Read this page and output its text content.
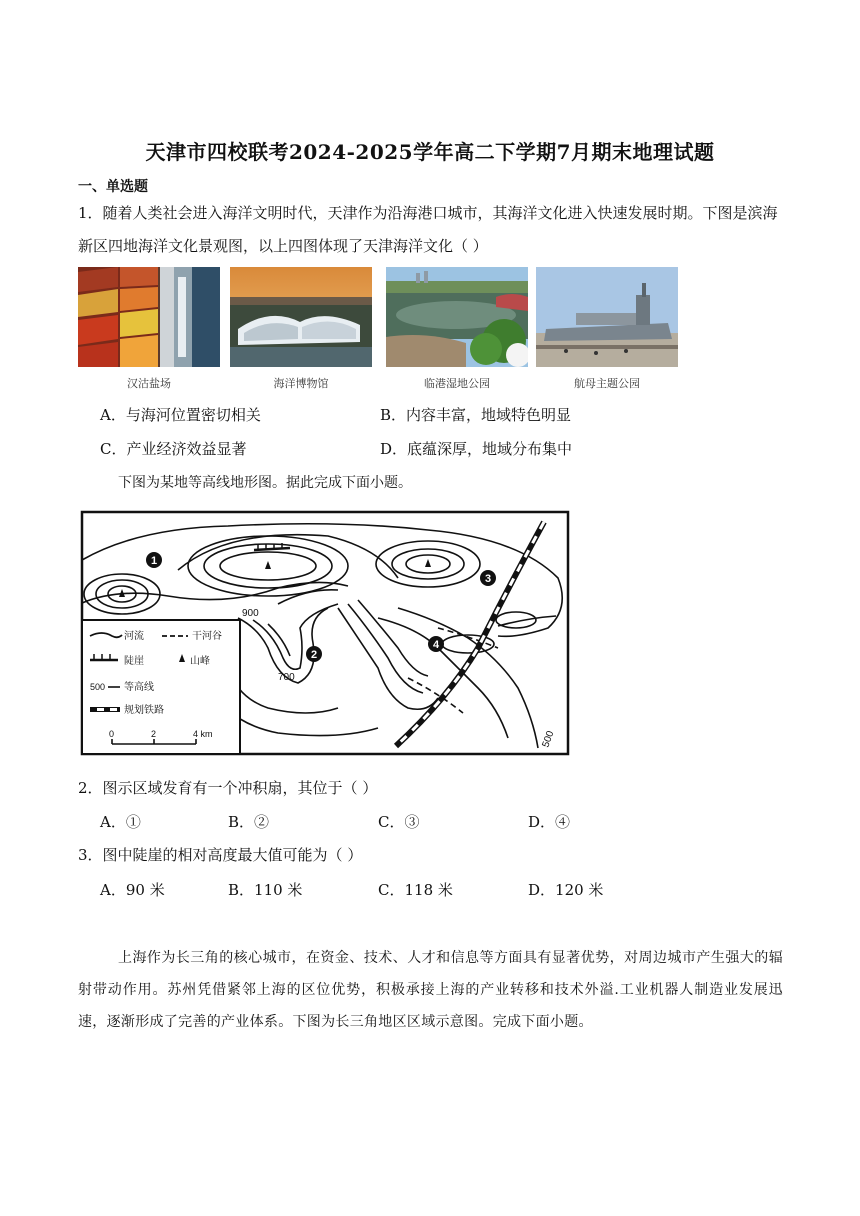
天津市四校联考2024-2025学年高二下学期7月期末地理试题
一、单选题
1．随着人类社会进入海洋文明时代，天津作为沿海港口城市，其海洋文化进入快速发展时期。下图是滨海
新区四地海洋文化景观图，以上四图体现了天津海洋文化（ ）
汉沽盐场	海洋博物馆	临港湿地公园	航母主题公园
A．与海河位置密切相关	B．内容丰富，地域特色明显
C．产业经济效益显著	D．底蕴深厚，地域分布集中
下图为某地等高线地形图。据此完成下面小题。
900
700
500
1
2
3
4
河流	干河谷
陡崖	山峰
500 等高线
规划铁路
0	2	4 km
2．图示区域发育有一个冲积扇，其位于（ ）
A．①	B．②	C．③	D．④
3．图中陡崖的相对高度最大值可能为（ ）
A．90 米	B．110 米	C．118 米	D．120 米
上海作为长三角的核心城市，在资金、技术、人才和信息等方面具有显著优势，对周边城市产生强大的辐射带动作用。苏州凭借紧邻上海的区位优势，积极承接上海的产业转移和技术外溢.工业机器人制造业发展迅速，逐渐形成了完善的产业体系。下图为长三角地区区域示意图。完成下面小题。
